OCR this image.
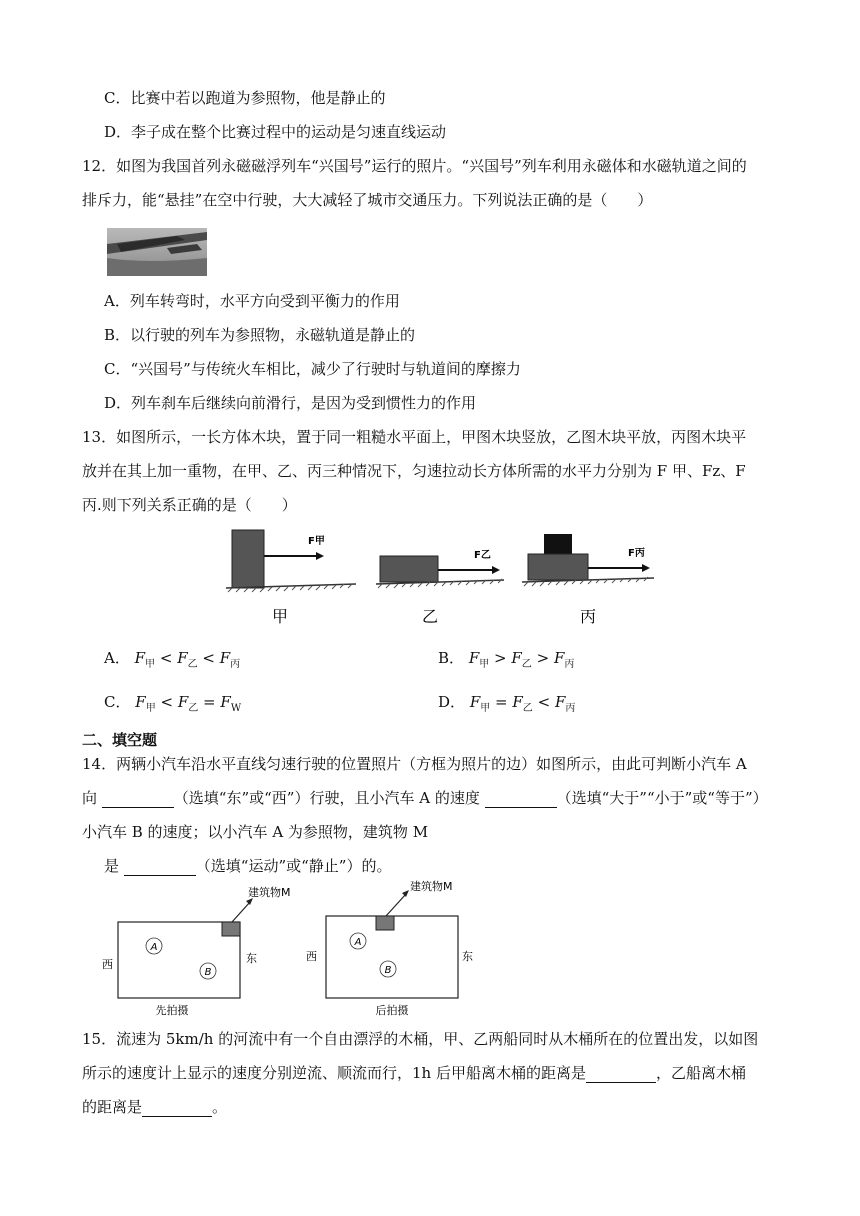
C．比赛中若以跑道为参照物，他是静止的
D．李子成在整个比赛过程中的运动是匀速直线运动
12．如图为我国首列永磁磁浮列车“兴国号”运行的照片。“兴国号”列车利用永磁体和水磁轨道之间的
排斥力，能“悬挂”在空中行驶，大大减轻了城市交通压力。下列说法正确的是（　　）
A．列车转弯时，水平方向受到平衡力的作用
B．以行驶的列车为参照物，永磁轨道是静止的
C．“兴国号”与传统火车相比，减少了行驶时与轨道间的摩擦力
D．列车刹车后继续向前滑行，是因为受到惯性力的作用
13．如图所示，一长方体木块，置于同一粗糙水平面上，甲图木块竖放，乙图木块平放，丙图木块平
放并在其上加一重物，在甲、乙、丙三种情况下，匀速拉动长方体所需的水平力分别为 F 甲、Fz、F
丙.则下列关系正确的是（　　）
F甲
甲
F乙
乙
F丙
丙
A． $F_甲 < F_乙 < F_丙$	B． $F_甲 > F_乙 > F_丙$
C． $F_甲 < F_乙 = F_W$	D． $F_甲 = F_乙 < F_丙$
二、填空题
14．两辆小汽车沿水平直线匀速行驶的位置照片（方框为照片的边）如图所示，由此可判断小汽车 A
向	（选填“东”或“西”）行驶，且小汽车 A 的速度	（选填“大于”“小于”或“等于”）
小汽车 B 的速度；以小汽车 A 为参照物，建筑物 M
是	（选填“运动”或“静止”）的。
建筑物M
A
B
西	东
先拍摄
建筑物M
A
B
西	东
后拍摄
15．流速为 5km/h 的河流中有一个自由漂浮的木桶，甲、乙两船同时从木桶所在的位置出发，以如图
所示的速度计上显示的速度分别逆流、顺流而行，1h 后甲船离木桶的距离是	，乙船离木桶
的距离是	。
